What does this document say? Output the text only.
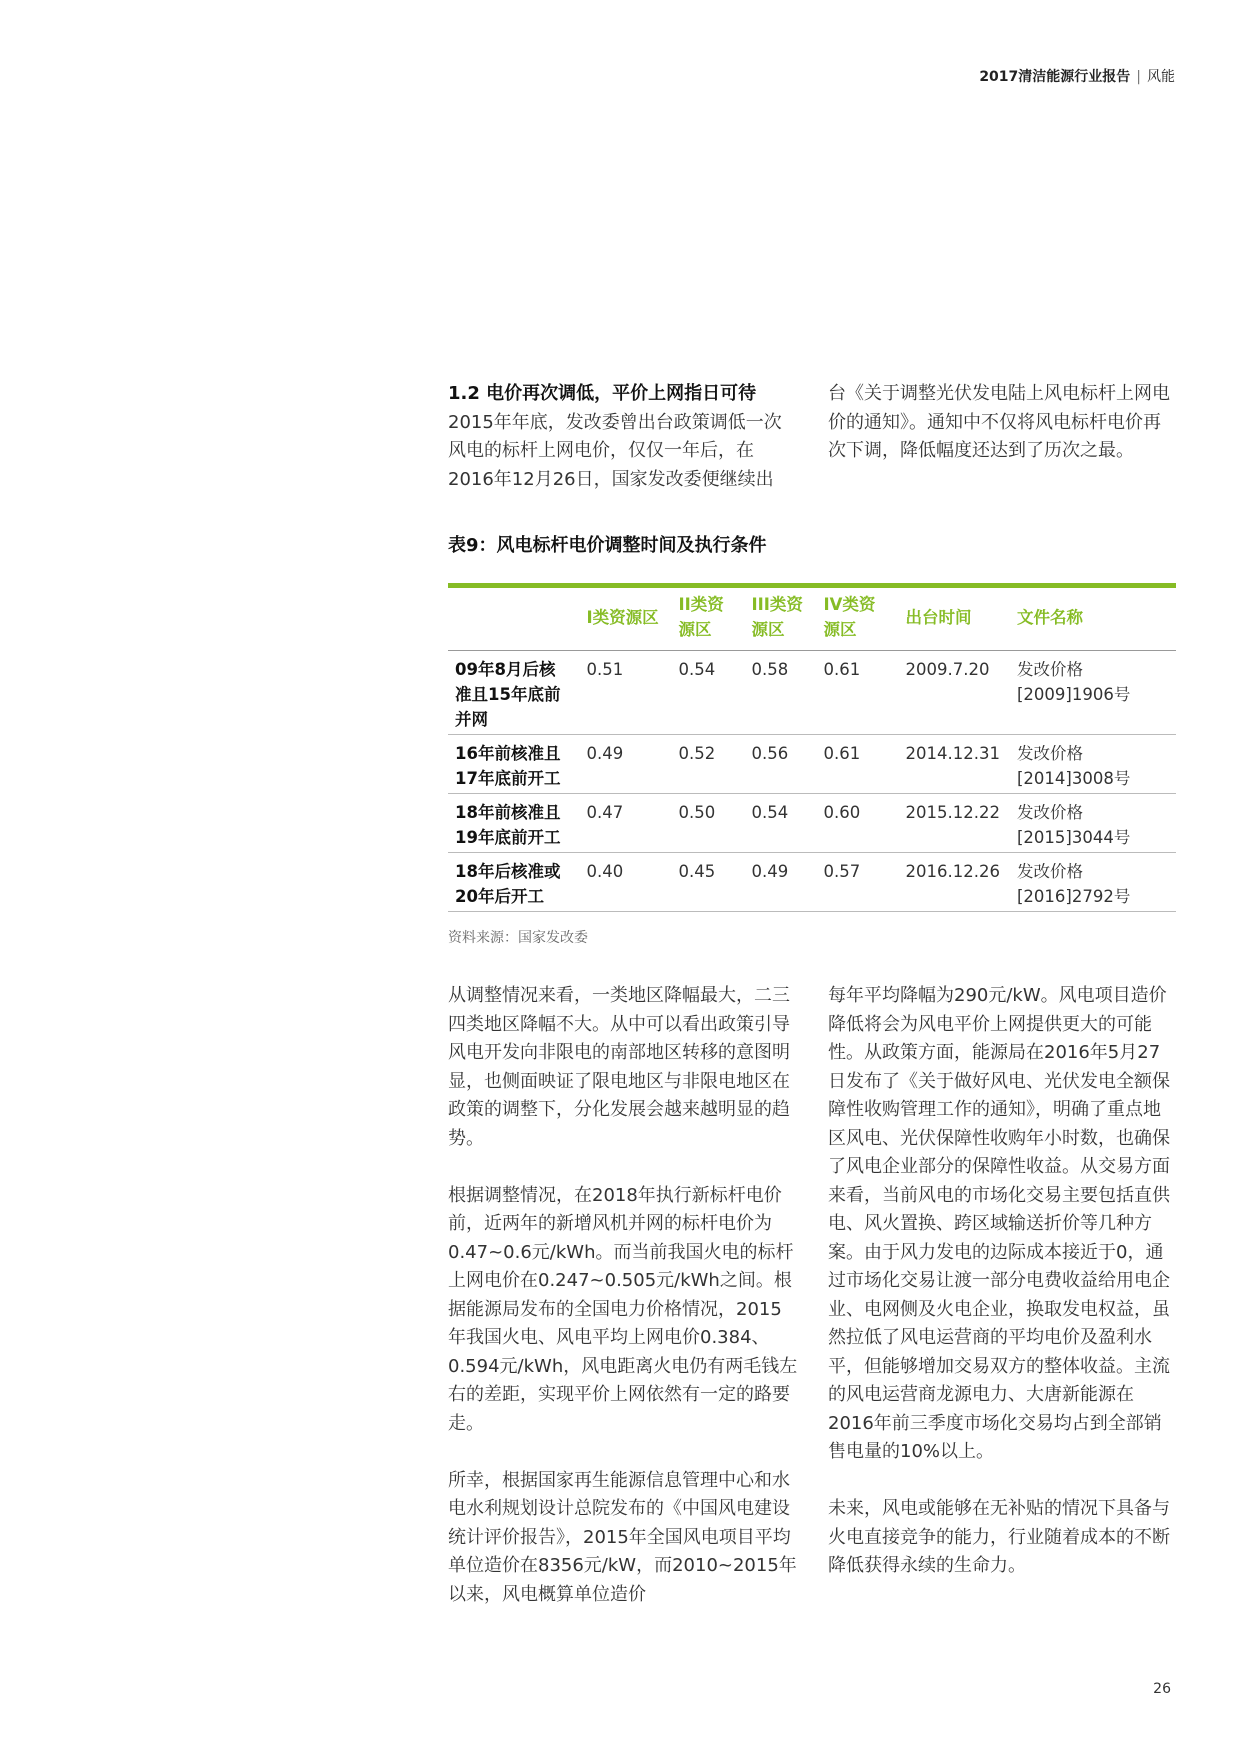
2017清洁能源行业报告 | 风能
1.2 电价再次调低，平价上网指日可待

2015年年底，发改委曾出台政策调低一次风电的标杆上网电价，仅仅一年后，在2016年12月26日，国家发改委便继续出

台《关于调整光伏发电陆上风电标杆上网电价的通知》。通知中不仅将风电标杆电价再次下调，降低幅度还达到了历次之最。

表9：风电标杆电价调整时间及执行条件
	I类资源区	II类资源区	III类资源区	IV类资源区	出台时间	文件名称
09年8月后核准且15年底前并网	0.51	0.54	0.58	0.61	2009.7.20	发改价格[2009]1906号
16年前核准且17年底前开工	0.49	0.52	0.56	0.61	2014.12.31	发改价格[2014]3008号
18年前核准且19年底前开工	0.47	0.50	0.54	0.60	2015.12.22	发改价格[2015]3044号
18年后核准或20年后开工	0.40	0.45	0.49	0.57	2016.12.26	发改价格[2016]2792号
资料来源：国家发改委

从调整情况来看，一类地区降幅最大，二三四类地区降幅不大。从中可以看出政策引导风电开发向非限电的南部地区转移的意图明显，也侧面映证了限电地区与非限电地区在政策的调整下，分化发展会越来越明显的趋势。

根据调整情况，在2018年执行新标杆电价前，近两年的新增风机并网的标杆电价为0.47~0.6元/kWh。而当前我国火电的标杆上网电价在0.247~0.505元/kWh之间。根据能源局发布的全国电力价格情况，2015年我国火电、风电平均上网电价0.384、0.594元/kWh，风电距离火电仍有两毛钱左右的差距，实现平价上网依然有一定的路要走。

所幸，根据国家再生能源信息管理中心和水电水利规划设计总院发布的《中国风电建设统计评价报告》，2015年全国风电项目平均单位造价在8356元/kW，而2010~2015年以来，风电概算单位造价

每年平均降幅为290元/kW。风电项目造价降低将会为风电平价上网提供更大的可能性。从政策方面，能源局在2016年5月27日发布了《关于做好风电、光伏发电全额保障性收购管理工作的通知》，明确了重点地区风电、光伏保障性收购年小时数，也确保了风电企业部分的保障性收益。从交易方面来看，当前风电的市场化交易主要包括直供电、风火置换、跨区域输送折价等几种方案。由于风力发电的边际成本接近于0，通过市场化交易让渡一部分电费收益给用电企业、电网侧及火电企业，换取发电权益，虽然拉低了风电运营商的平均电价及盈利水平，但能够增加交易双方的整体收益。主流的风电运营商龙源电力、大唐新能源在2016年前三季度市场化交易均占到全部销售电量的10%以上。

未来，风电或能够在无补贴的情况下具备与火电直接竞争的能力，行业随着成本的不断降低获得永续的生命力。

26
